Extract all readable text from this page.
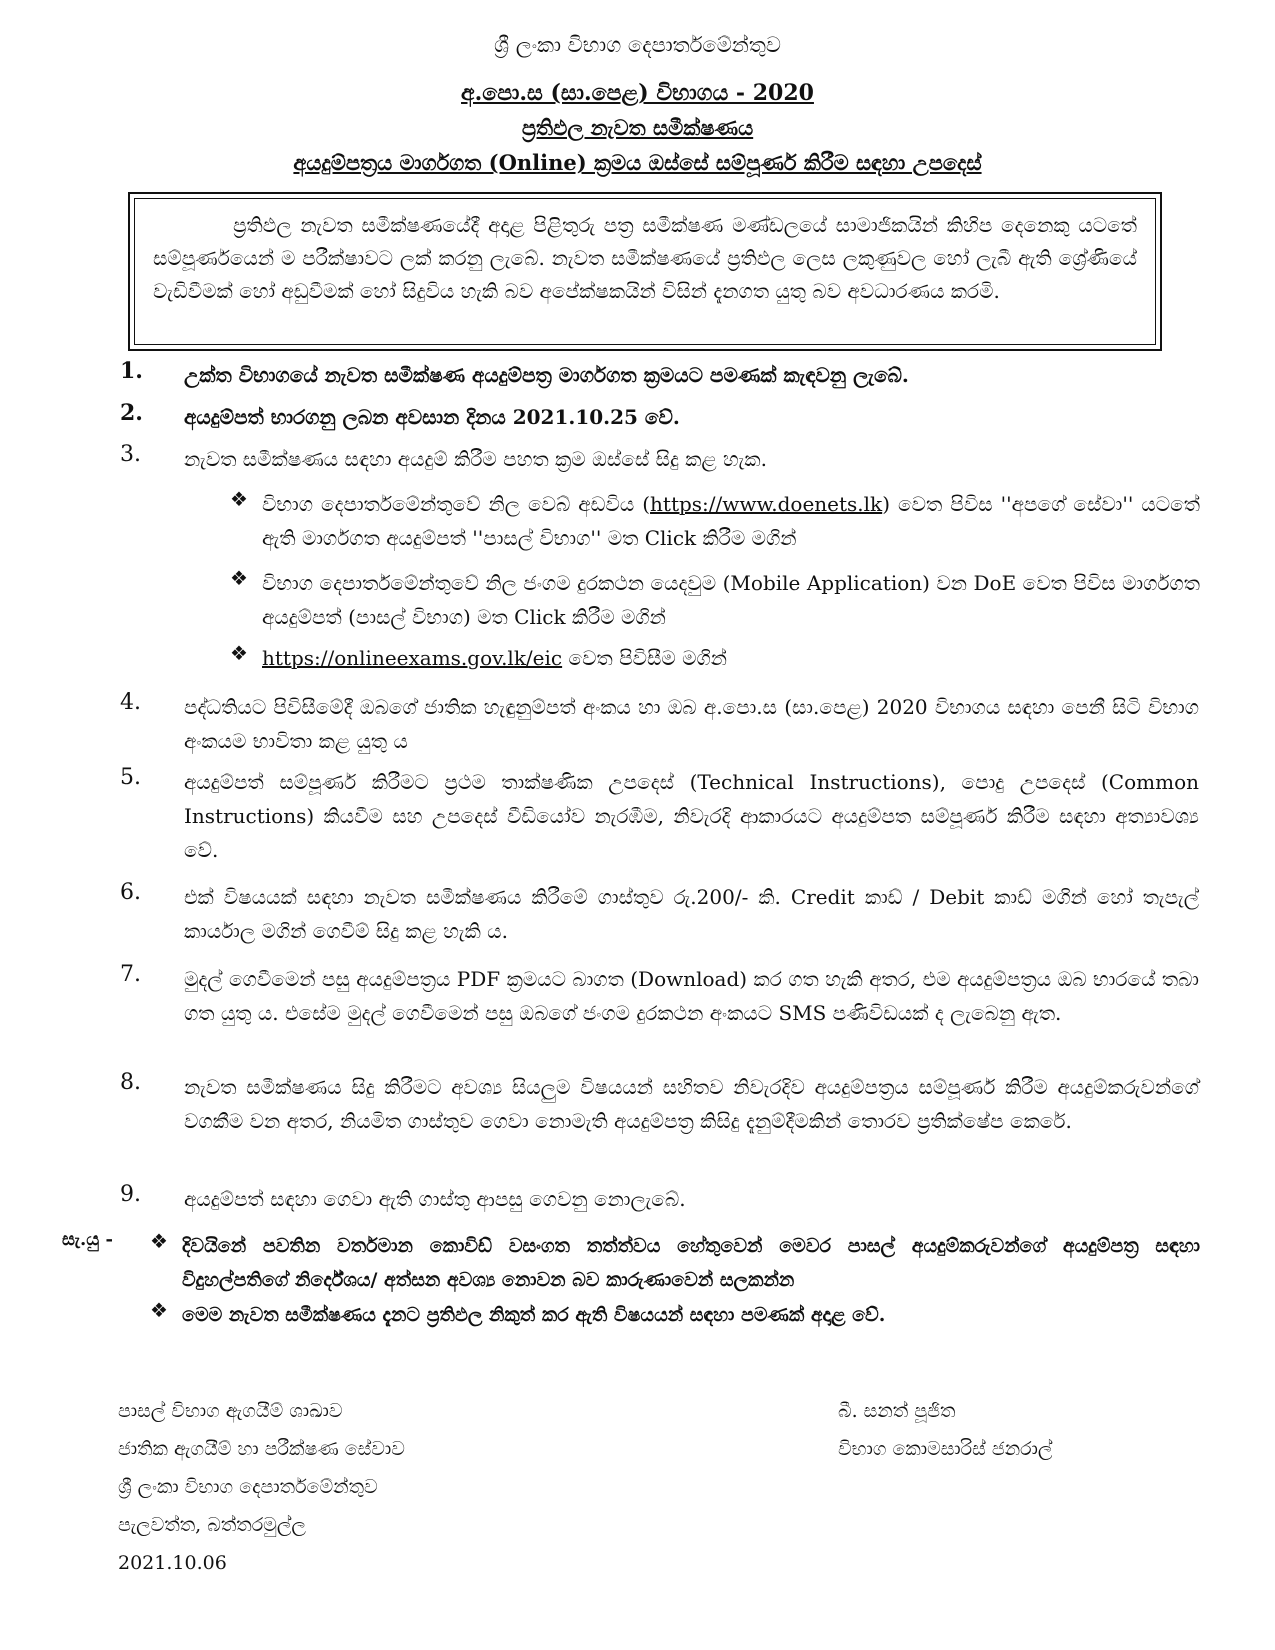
ශ්‍රී ලංකා විභාග දෙපාර්තමේන්තුව
අ.පො.ස (සා.පෙළ) විභාගය - 2020
ප්‍රතිඵල නැවත සමීක්ෂණය
අයදුම්පත්‍රය මාර්ගගත (Online) ක්‍රමය ඔස්සේ සම්පූර්ණ කිරීම සඳහා උපදෙස්
ප්‍රතිඵල නැවත සමීක්ෂණයේදී අදාළ පිළිතුරු පත්‍ර සමීක්ෂණ මණ්ඩලයේ සාමාජිකයින් කිහිප දෙනෙකු යටතේ සම්පූර්ණයෙන් ම පරීක්ෂාවට ලක් කරනු ලැබේ. නැවත සමීක්ෂණයේ ප්‍රතිඵල ලෙස ලකුණුවල හෝ ලැබී ඇති ශ්‍රේණියේ වැඩිවීමක් හෝ අඩුවීමක් හෝ සිදුවිය හැකි බව අපේක්ෂකයින් විසින් දැනගත යුතු බව අවධාරණය කරමි.
1. උක්ත විභාගයේ නැවත සමීක්ෂණ අයදුම්පත්‍ර මාර්ගගත ක්‍රමයට පමණක් කැඳවනු ලැබේ.
2. අයදුම්පත් භාරගනු ලබන අවසාන දිනය 2021.10.25 වේ.
3. නැවත සමීක්ෂණය සඳහා අයදුම් කිරීම පහත ක්‍රම ඔස්සේ සිදු කළ හැක.
❖ විභාග දෙපාර්තමේන්තුවේ නිල වෙබ් අඩවිය (https://www.doenets.lk) වෙත පිවිස ''අපගේ සේවා'' යටතේ ඇති මාර්ගගත අයදුම්පත් ''පාසල් විභාග'' මත Click කිරීම මගින්
❖ විභාග දෙපාර්තමේන්තුවේ නිල ජංගම දුරකථන යෙදවුම (Mobile Application) වන DoE වෙත පිවිස මාර්ගගත අයදුම්පත් (පාසල් විභාග) මත Click කිරීම මගින්
❖ https://onlineexams.gov.lk/eic වෙත පිවිසීම මගින්
4. පද්ධතියට පිවිසීමේදී ඔබගේ ජාතික හැඳුනුම්පත් අංකය හා ඔබ අ.පො.ස (සා.පෙළ) 2020 විභාගය සඳහා පෙනී සිටි විභාග අංකයම භාවිතා කළ යුතු ය
5. අයදුම්පත් සම්පූර්ණ කිරීමට ප්‍රථම තාක්ෂණික උපදෙස් (Technical Instructions), පොදු උපදෙස් (Common Instructions) කියවීම සහ උපදෙස් වීඩියෝව නැරඹීම, නිවැරදි ආකාරයට අයදුම්පත සම්පූර්ණ කිරීම සඳහා අත්‍යාවශ්‍ය වේ.
6. එක් විෂයයක් සඳහා නැවත සමීක්ෂණය කිරීමේ ගාස්තුව රු.200/- කි. Credit කාඩ් / Debit කාඩ් මගින් හෝ තැපැල් කාර්යාල මගින් ගෙවීම් සිදු කළ හැකි ය.
7. මුදල් ගෙවීමෙන් පසු අයදුම්පත්‍රය PDF ක්‍රමයට බාගත (Download) කර ගත හැකි අතර, එම අයදුම්පත්‍රය ඔබ භාරයේ තබා ගත යුතු ය. එසේම මුදල් ගෙවීමෙන් පසු ඔබගේ ජංගම දුරකථන අංකයට SMS පණිවිඩයක් ද ලැබෙනු ඇත.
8. නැවත සමීක්ෂණය සිදු කිරීමට අවශ්‍ය සියලුම විෂයයන් සහිතව නිවැරදිව අයදුම්පත්‍රය සම්පූර්ණ කිරීම අයදුම්කරුවන්ගේ වගකීම වන අතර, නියමිත ගාස්තුව ගෙවා නොමැති අයදුම්පත්‍ර කිසිදු දැනුම්දීමකින් තොරව ප්‍රතික්ෂේප කෙරේ.
9. අයදුම්පත් සඳහා ගෙවා ඇති ගාස්තු ආපසු ගෙවනු නොලැබේ.
සැ.යු - ❖ දිවයිනේ පවතින වර්තමාන කොවිඩ් වසංගත තත්ත්වය හේතුවෙන් මෙවර පාසල් අයදුම්කරුවන්ගේ අයදුම්පත්‍ර සඳහා විදුහල්පතිගේ නිර්දේශය/ අත්සන අවශ්‍ය නොවන බව කාරුණාවෙන් සලකන්න
❖ මෙම නැවත සමීක්ෂණය දැනට ප්‍රතිඵල නිකුත් කර ඇති විෂයයන් සඳහා පමණක් අදාළ වේ.
පාසල් විභාග ඇගයීම් ශාඛාව
ජාතික ඇගයීම් හා පරීක්ෂණ සේවාව
ශ්‍රී ලංකා විභාග දෙපාර්තමේන්තුව
පැලවත්ත, බත්තරමුල්ල
2021.10.06
බී. සනත් පූජිත
විභාග කොමසාරිස් ජනරාල්
